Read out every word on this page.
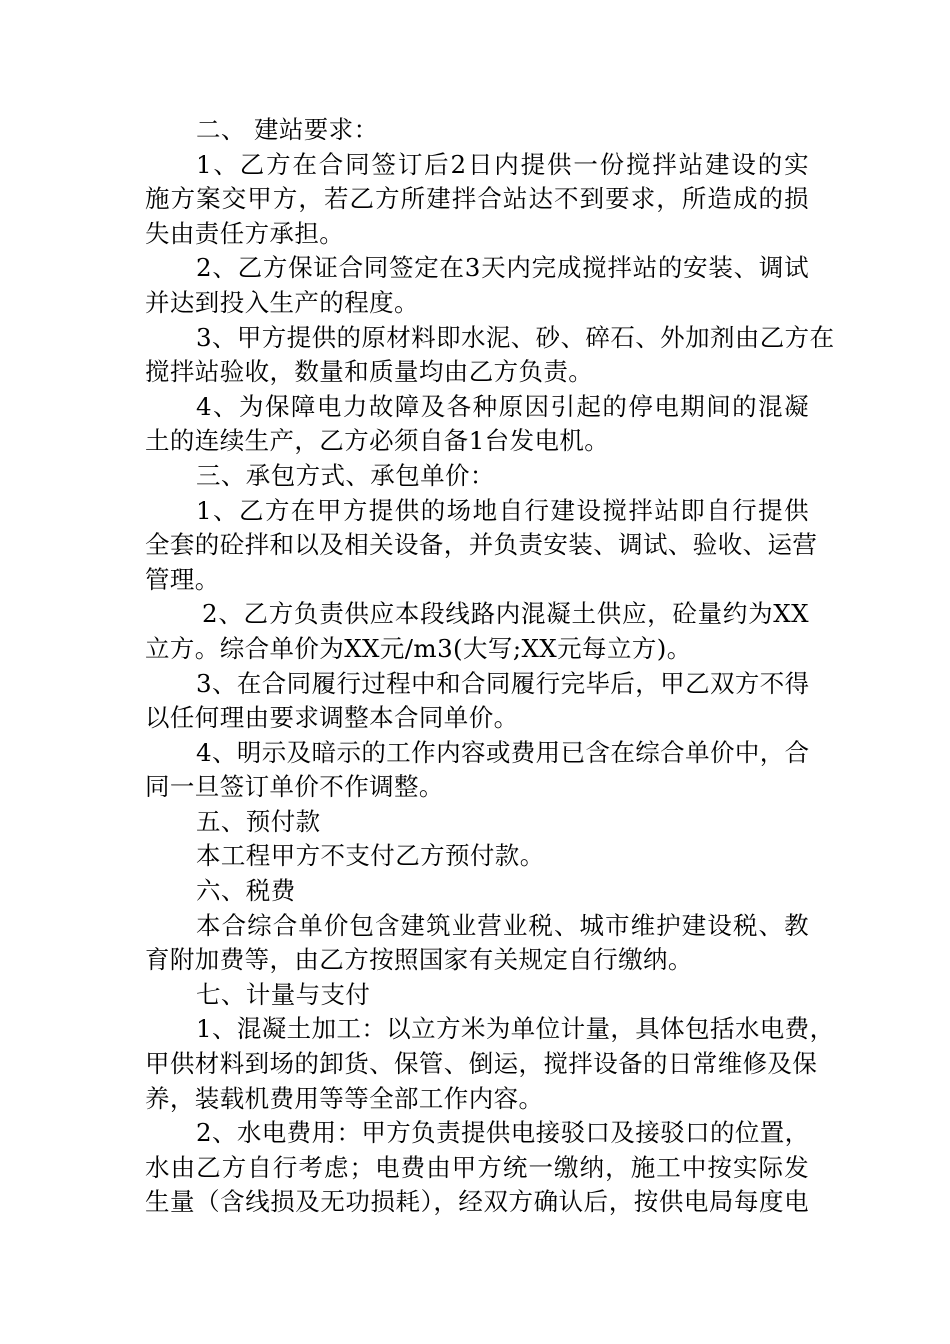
二、 建站要求：
1、乙方在合同签订后2日内提供一份搅拌站建设的实
施方案交甲方，若乙方所建拌合站达不到要求，所造成的损
失由责任方承担。
2、乙方保证合同签定在3天内完成搅拌站的安装、调试
并达到投入生产的程度。
3、甲方提供的原材料即水泥、砂、碎石、外加剂由乙方在
搅拌站验收，数量和质量均由乙方负责。
4、为保障电力故障及各种原因引起的停电期间的混凝
土的连续生产，乙方必须自备1台发电机。
三、承包方式、承包单价：
1、乙方在甲方提供的场地自行建设搅拌站即自行提供
全套的砼拌和以及相关设备，并负责安装、调试、验收、运营
管理。
2、乙方负责供应本段线路内混凝土供应，砼量约为XX
立方。综合单价为XX元/m3(大写;XX元每立方)。
3、在合同履行过程中和合同履行完毕后，甲乙双方不得
以任何理由要求调整本合同单价。
4、明示及暗示的工作内容或费用已含在综合单价中，合
同一旦签订单价不作调整。
五、预付款
本工程甲方不支付乙方预付款。
六、税费
本合综合单价包含建筑业营业税、城市维护建设税、教
育附加费等，由乙方按照国家有关规定自行缴纳。
七、计量与支付
1、混凝土加工：以立方米为单位计量，具体包括水电费，
甲供材料到场的卸货、保管、倒运，搅拌设备的日常维修及保
养，装载机费用等等全部工作内容。
2、水电费用：甲方负责提供电接驳口及接驳口的位置，
水由乙方自行考虑；电费由甲方统一缴纳，施工中按实际发
生量（含线损及无功损耗），经双方确认后，按供电局每度电
